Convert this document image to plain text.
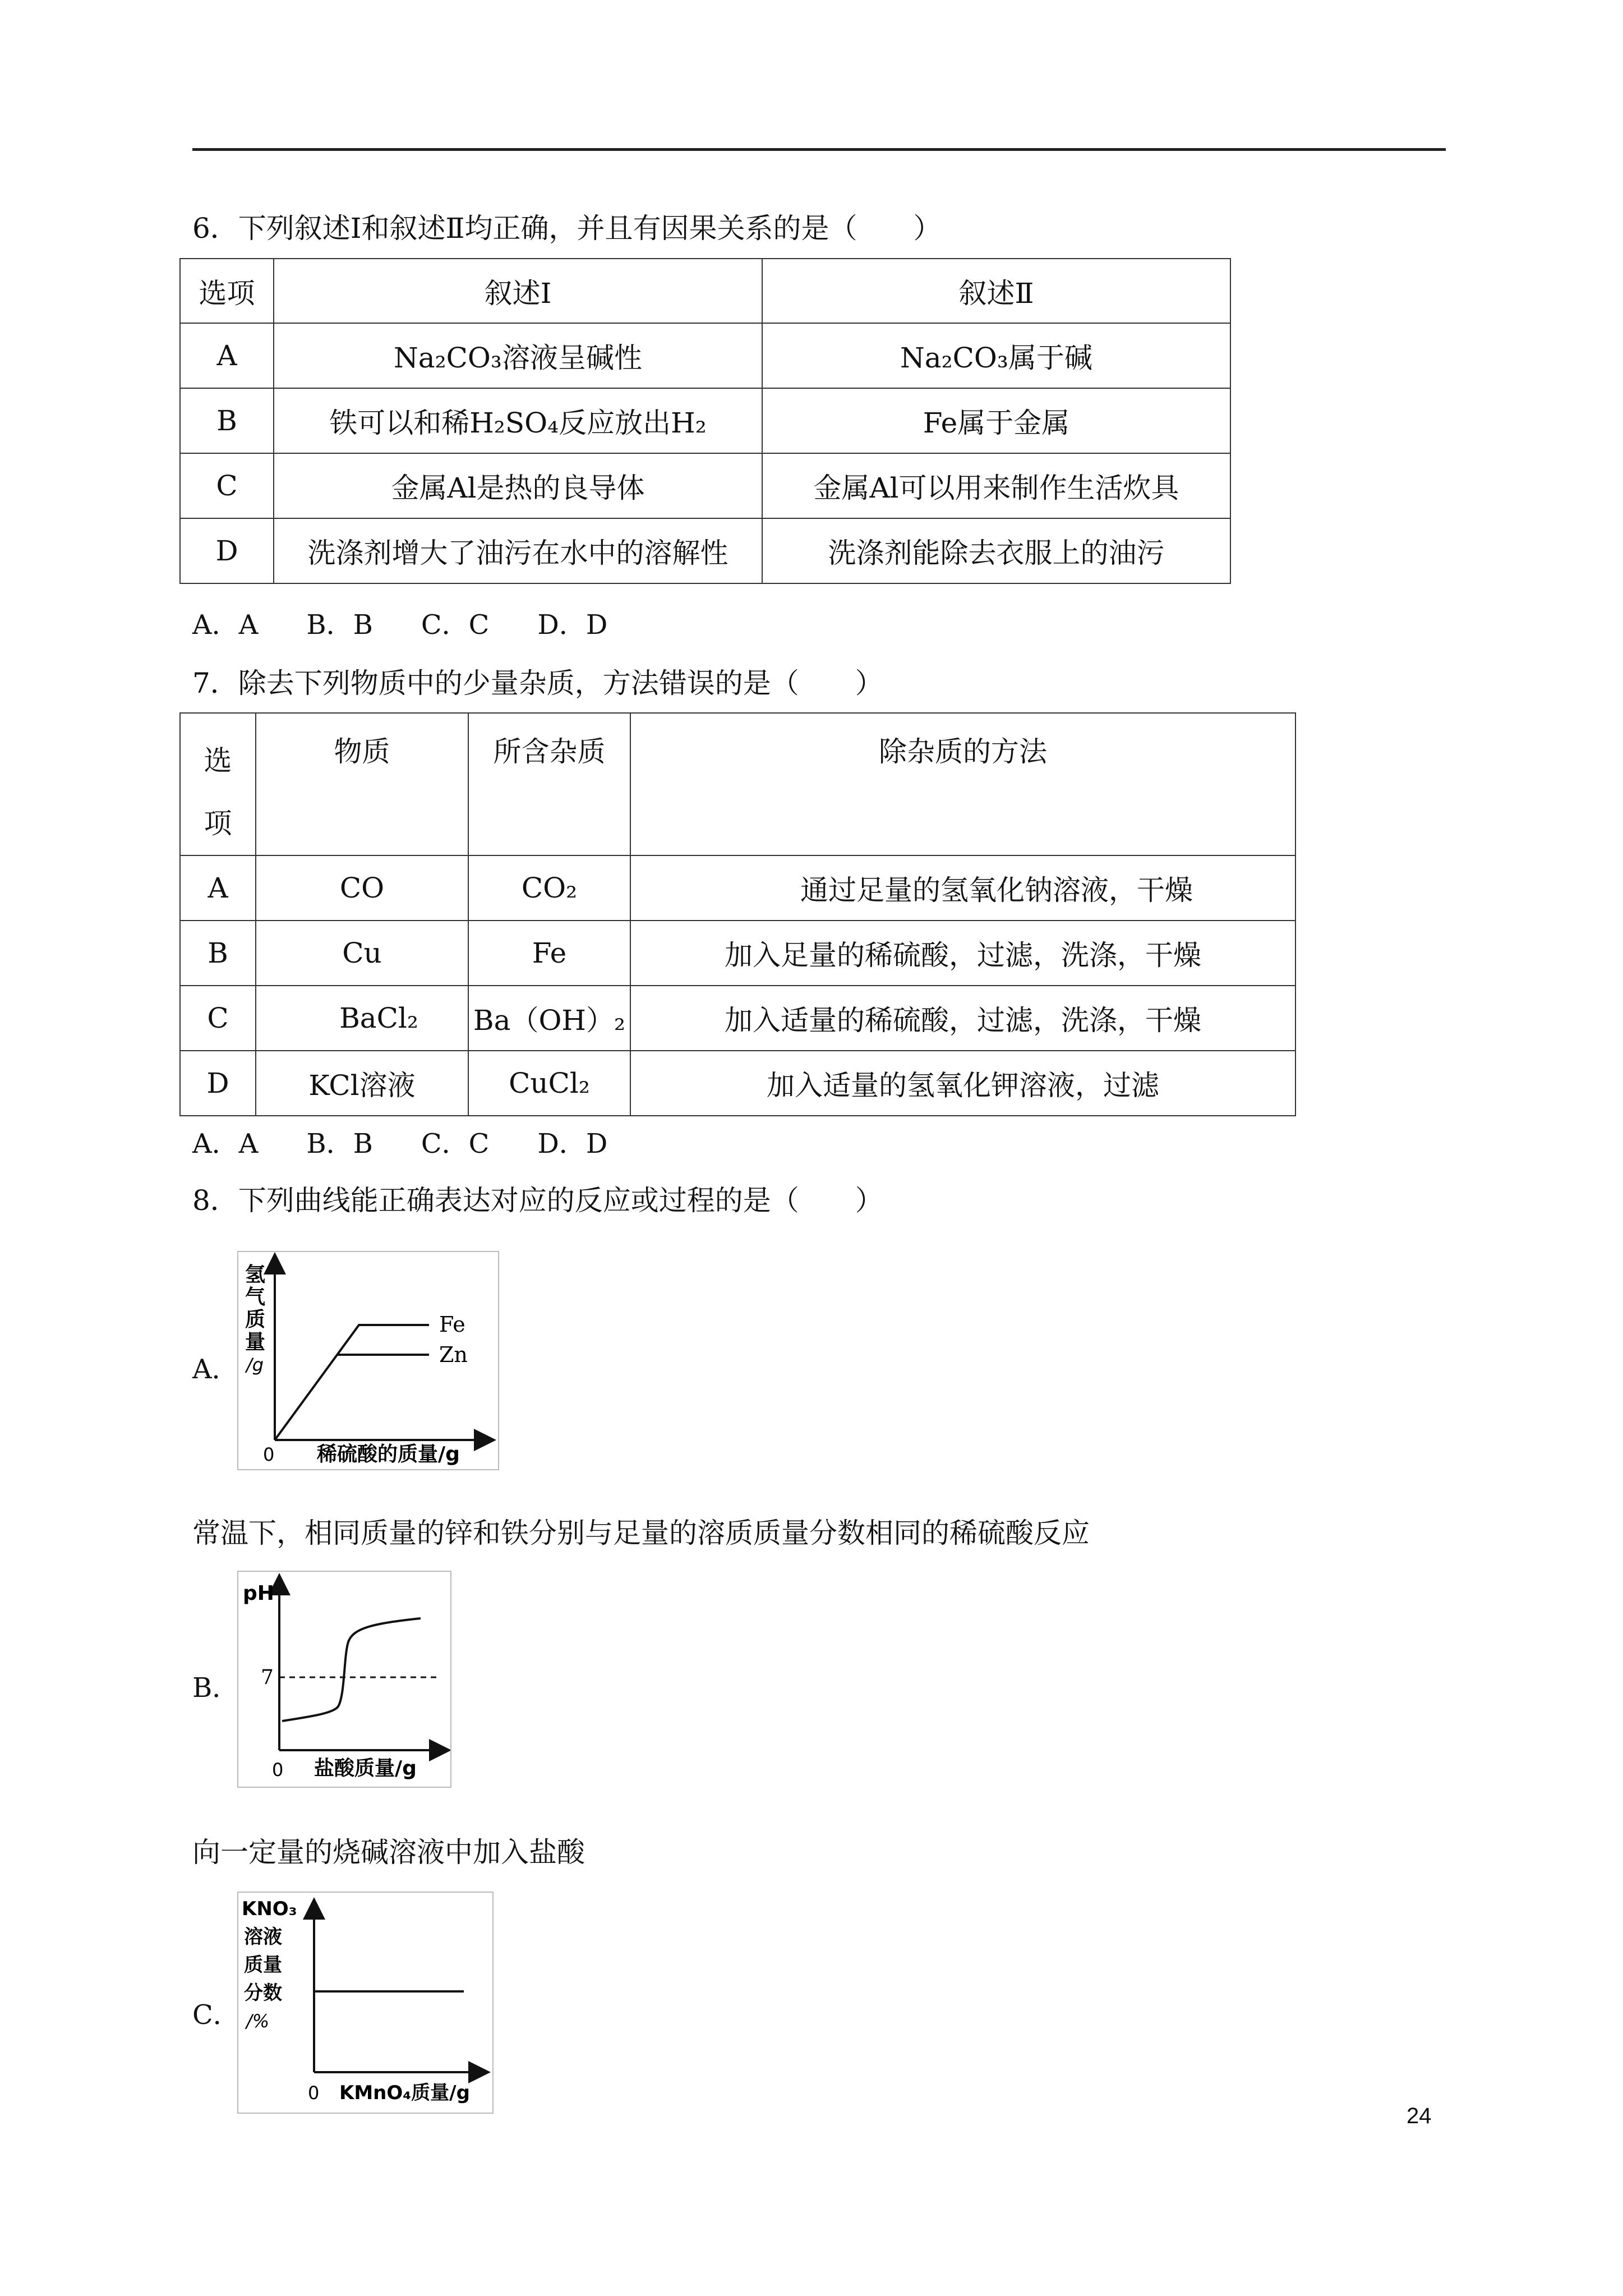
6．下列叙述Ⅰ和叙述Ⅱ均正确，并且有因果关系的是（　　）
选项	叙述Ⅰ	叙述Ⅱ
A	Na₂CO₃溶液呈碱性	Na₂CO₃属于碱
B	铁可以和稀H₂SO₄反应放出H₂	Fe属于金属
C	金属Al是热的良导体	金属Al可以用来制作生活炊具
D	洗涤剂增大了油污在水中的溶解性	洗涤剂能除去衣服上的油污
A．A B．B C．C D．D
7．除去下列物质中的少量杂质，方法错误的是（　　）
选项	物质	所含杂质	除杂质的方法
A	CO	CO₂	通过足量的氢氧化钠溶液，干燥
B	Cu	Fe	加入足量的稀硫酸，过滤，洗涤，干燥
C	BaCl₂	Ba（OH）₂	加入适量的稀硫酸，过滤，洗涤，干燥
D	KCl溶液	CuCl₂	加入适量的氢氧化钾溶液，过滤
A．A B．B C．C D．D
8．下列曲线能正确表达对应的反应或过程的是（　　）
A．
Fe
Zn
氢
气
质
量
/g
0 稀硫酸的质量/g
常温下，相同质量的锌和铁分别与足量的溶质质量分数相同的稀硫酸反应
B．
pH
7
0 盐酸质量/g
向一定量的烧碱溶液中加入盐酸
C．
KNO₃
溶液
质量
分数
/%
0 KMnO₄质量/g
24
